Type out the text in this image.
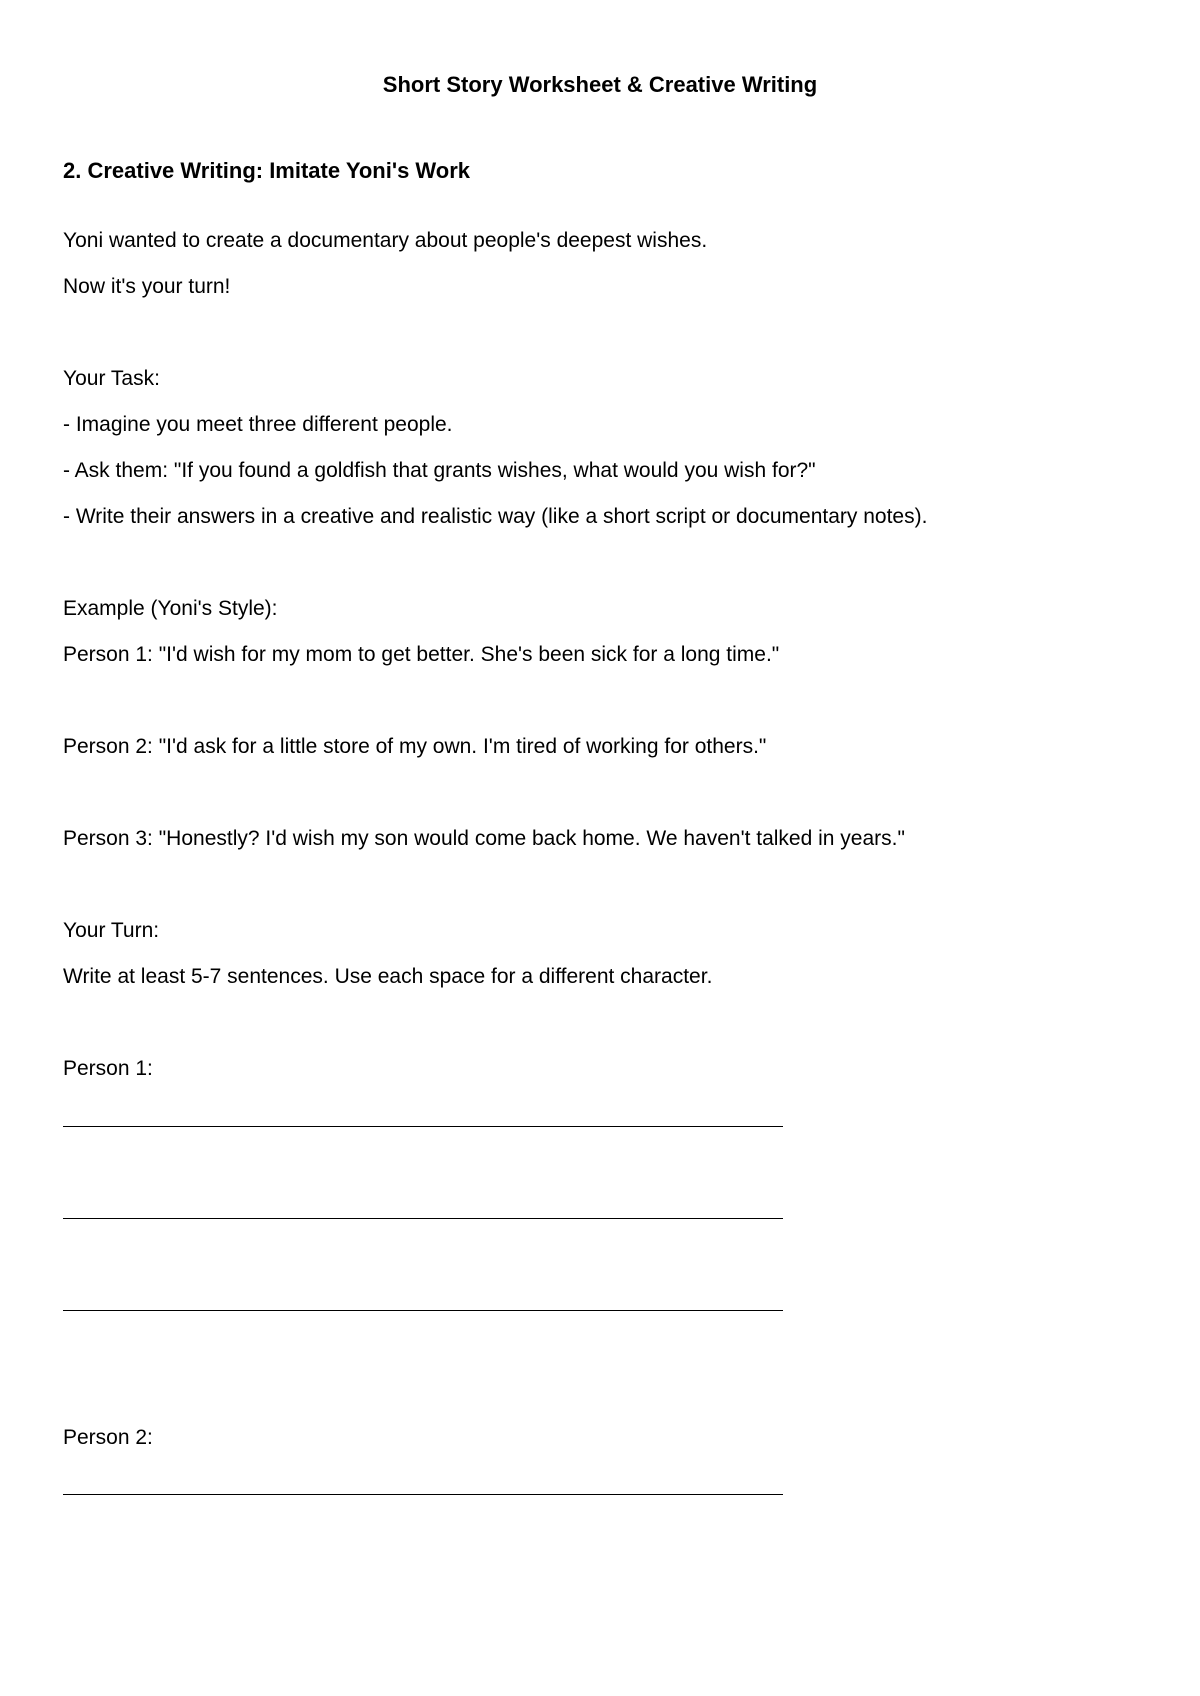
Short Story Worksheet & Creative Writing

2. Creative Writing: Imitate Yoni's Work

Yoni wanted to create a documentary about people's deepest wishes.

Now it's your turn!

Your Task:

- Imagine you meet three different people.

- Ask them: "If you found a goldfish that grants wishes, what would you wish for?"

- Write their answers in a creative and realistic way (like a short script or documentary notes).

Example (Yoni's Style):

Person 1: "I'd wish for my mom to get better. She's been sick for a long time."

Person 2: "I'd ask for a little store of my own. I'm tired of working for others."

Person 3: "Honestly? I'd wish my son would come back home. We haven't talked in years."

Your Turn:

Write at least 5-7 sentences. Use each space for a different character.

Person 1:

Person 2:
